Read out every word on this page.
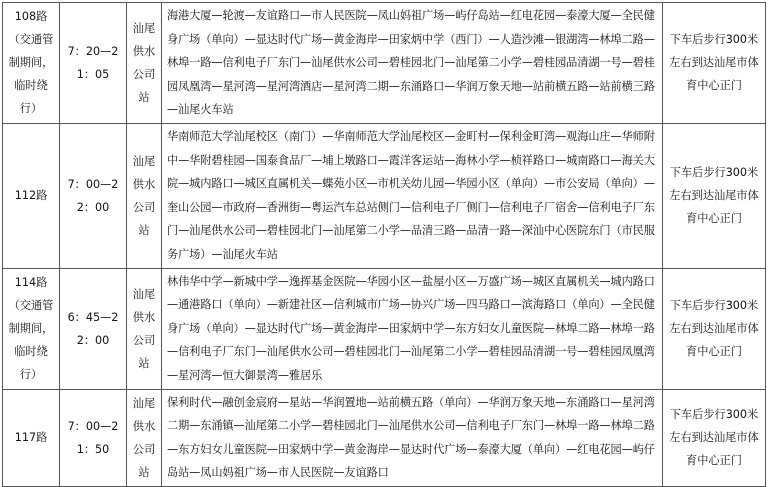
108路（交通管制期间，临时绕行）	7：20—21：05	汕尾供水公司站	海港大厦—轮渡—友谊路口—市人民医院—凤山妈祖广场—屿仔岛站—红电花园—泰濠大厦—全民健身广场（单向）—显达时代广场—黄金海岸—田家炳中学（西门）—人造沙滩—银湖湾—林埠二路—林埠一路—信利电子厂东门—汕尾供水公司—碧桂园北门—汕尾第二小学—碧桂园品清湖一号—碧桂园凤凰湾—星河湾—星河湾酒店—星河湾二期—东涌路口—华润万象天地—站前横五路—站前横三路—汕尾火车站	下车后步行300米左右到达汕尾市体育中心正门
112路	7：00—22：00	汕尾供水公司站	华南师范大学汕尾校区（南门）—华南师范大学汕尾校区—金町村—保利金町湾—观海山庄—华师附中—华附碧桂园—国泰食品厂—埔上墩路口—霞洋客运站—海林小学—桢祥路口—城南路口—海关大院—城内路口—城区直属机关—蝶苑小区—市机关幼儿园—华园小区（单向）—市公安局（单向）—奎山公园—市政府—香洲街—粤运汽车总站侧门—信利电子厂侧门—信利电子厂宿舍—信利电子厂东门—汕尾供水公司—碧桂园北门—汕尾第二小学—品清三路—品清一路—深汕中心医院东门（市民服务广场）—汕尾火车站	下车后步行300米左右到达汕尾市体育中心正门
114路（交通管制期间，临时绕行）	6：45—22：00	汕尾供水公司站	林伟华中学—新城中学—逸挥基金医院—华园小区—盐屋小区—万盛广场—城区直属机关—城内路口—通港路口（单向）—新建社区—信利城市广场—协兴广场—四马路口—滨海路口（单向）—全民健身广场（单向）—显达时代广场—黄金海岸—田家炳中学—东方妇女儿童医院—林埠二路—林埠一路—信利电子厂东门—汕尾供水公司—碧桂园北门—汕尾第二小学—碧桂园品清湖一号—碧桂园凤凰湾—星河湾—恒大御景湾—雅居乐	下车后步行300米左右到达汕尾市体育中心正门
117路	7：00—21：50	汕尾供水公司站	保利时代—融创金宸府—星站—华润置地—站前横五路（单向）—华润万象天地—东涌路口—星河湾二期—东涌镇—汕尾第二小学—碧桂园北门—汕尾供水公司—信利电子厂东门—林埠一路—林埠二路—东方妇女儿童医院—田家炳中学—黄金海岸—显达时代广场—泰濠大厦（单向）—红电花园—屿仔岛站—凤山妈祖广场—市人民医院—友谊路口	下车后步行300米左右到达汕尾市体育中心正门
